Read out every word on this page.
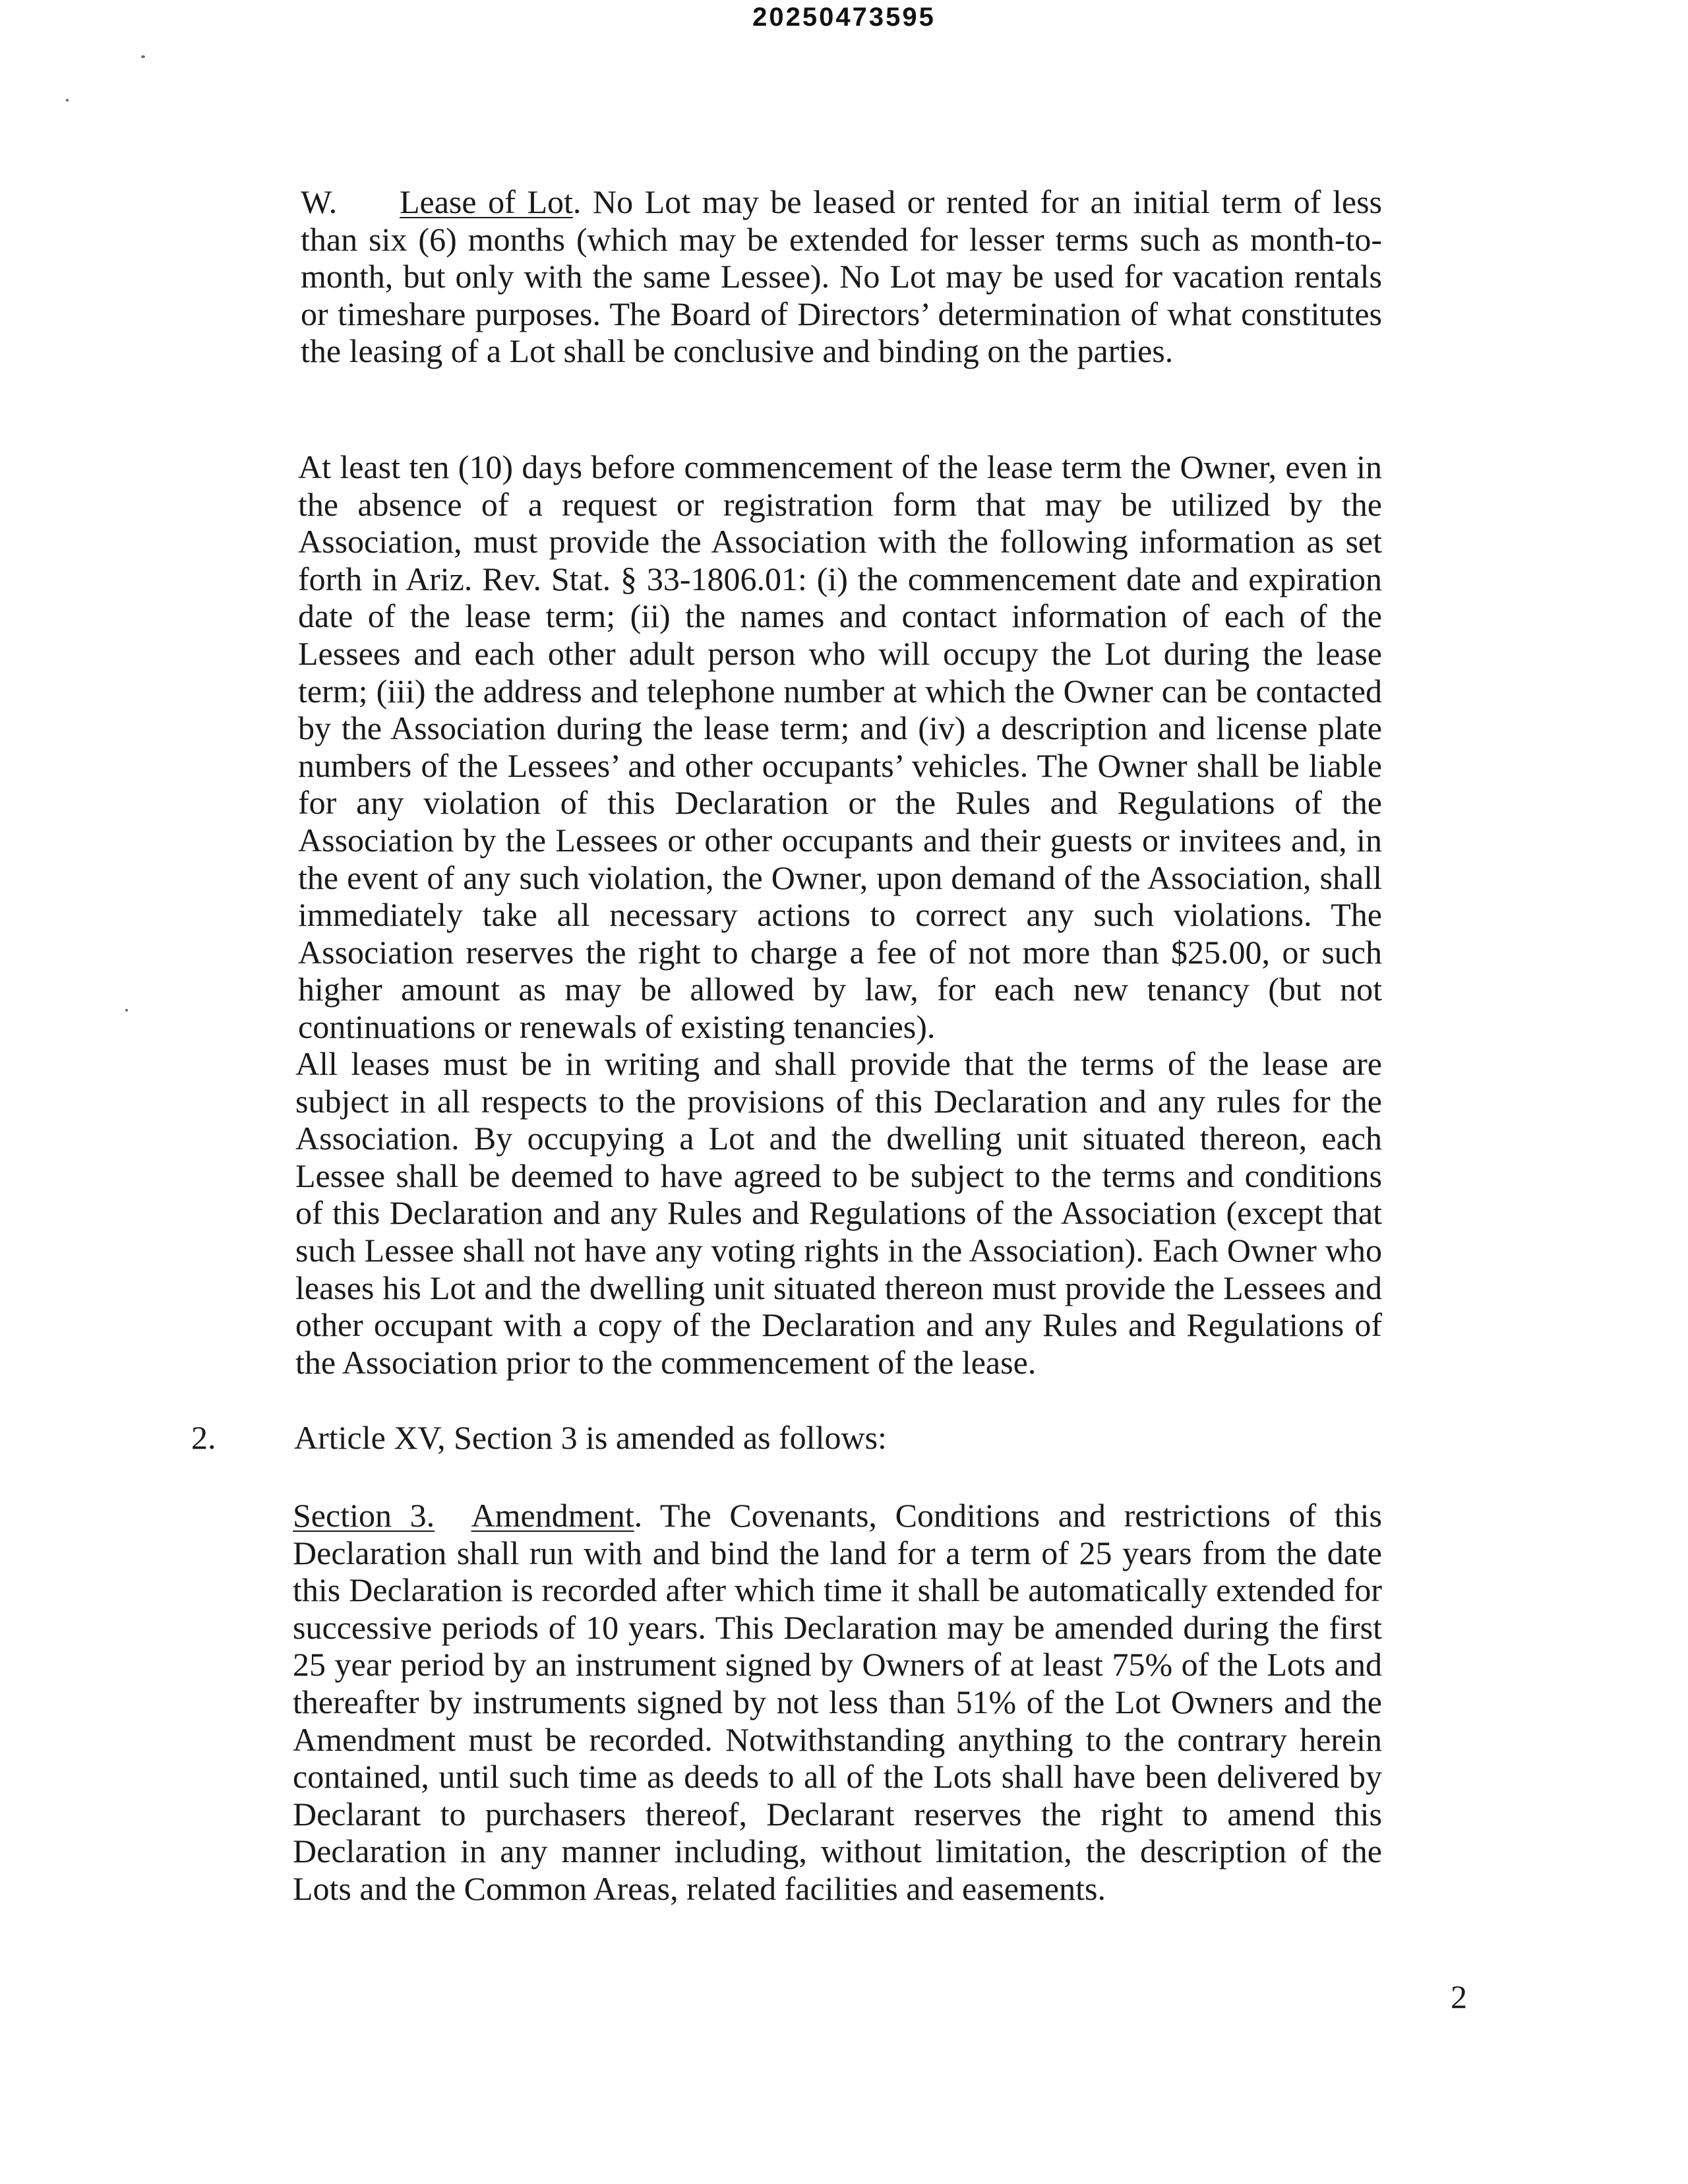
20250473595
W. Lease of Lot. No Lot may be leased or rented for an initial term of less than six (6) months (which may be extended for lesser terms such as month-to-month, but only with the same Lessee). No Lot may be used for vacation rentals or timeshare purposes. The Board of Directors’ determination of what constitutes the leasing of a Lot shall be conclusive and binding on the parties.
At least ten (10) days before commencement of the lease term the Owner, even in the absence of a request or registration form that may be utilized by the Association, must provide the Association with the following information as set forth in Ariz. Rev. Stat. § 33-1806.01: (i) the commencement date and expiration date of the lease term; (ii) the names and contact information of each of the Lessees and each other adult person who will occupy the Lot during the lease term; (iii) the address and telephone number at which the Owner can be contacted by the Association during the lease term; and (iv) a description and license plate numbers of the Lessees’ and other occupants’ vehicles. The Owner shall be liable for any violation of this Declaration or the Rules and Regulations of the Association by the Lessees or other occupants and their guests or invitees and, in the event of any such violation, the Owner, upon demand of the Association, shall immediately take all necessary actions to correct any such violations. The Association reserves the right to charge a fee of not more than $25.00, or such higher amount as may be allowed by law, for each new tenancy (but not continuations or renewals of existing tenancies).
All leases must be in writing and shall provide that the terms of the lease are subject in all respects to the provisions of this Declaration and any rules for the Association. By occupying a Lot and the dwelling unit situated thereon, each Lessee shall be deemed to have agreed to be subject to the terms and conditions of this Declaration and any Rules and Regulations of the Association (except that such Lessee shall not have any voting rights in the Association). Each Owner who leases his Lot and the dwelling unit situated thereon must provide the Lessees and other occupant with a copy of the Declaration and any Rules and Regulations of the Association prior to the commencement of the lease.
2. Article XV, Section 3 is amended as follows:
Section 3. Amendment. The Covenants, Conditions and restrictions of this Declaration shall run with and bind the land for a term of 25 years from the date this Declaration is recorded after which time it shall be automatically extended for successive periods of 10 years. This Declaration may be amended during the first 25 year period by an instrument signed by Owners of at least 75% of the Lots and thereafter by instruments signed by not less than 51% of the Lot Owners and the Amendment must be recorded. Notwithstanding anything to the contrary herein contained, until such time as deeds to all of the Lots shall have been delivered by Declarant to purchasers thereof, Declarant reserves the right to amend this Declaration in any manner including, without limitation, the description of the Lots and the Common Areas, related facilities and easements.
2
